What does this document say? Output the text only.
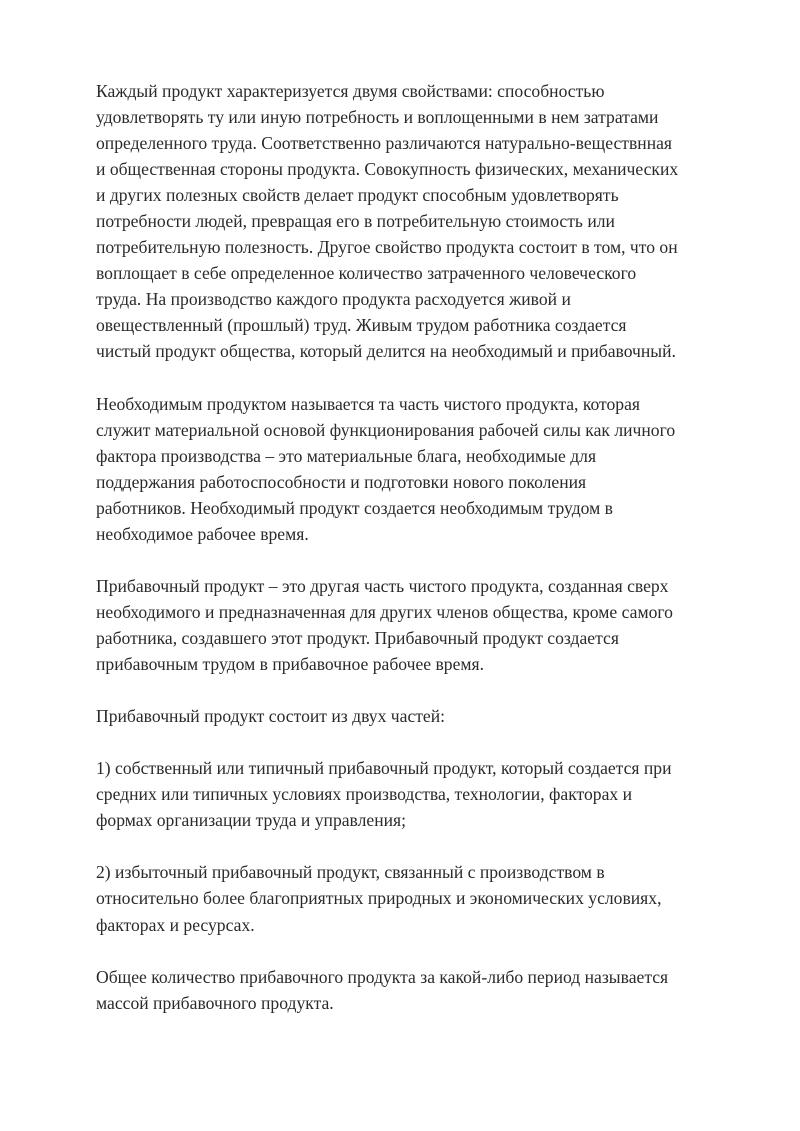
Каждый продукт характеризуется двумя свойствами: способностью
удовлетворять ту или иную потребность и воплощенными в нем затратами
определенного труда. Соответственно различаются натурально-веществнная
и общественная стороны продукта. Совокупность физических, механических
и других полезных свойств делает продукт способным удовлетворять
потребности людей, превращая его в потребительную стоимость или
потребительную полезность. Другое свойство продукта состоит в том, что он
воплощает в себе определенное количество затраченного человеческого
труда. На производство каждого продукта расходуется живой и
овеществленный (прошлый) труд. Живым трудом работника создается
чистый продукт общества, который делится на необходимый и прибавочный.

Необходимым продуктом называется та часть чистого продукта, которая
служит материальной основой функционирования рабочей силы как личного
фактора производства – это материальные блага, необходимые для
поддержания работоспособности и подготовки нового поколения
работников. Необходимый продукт создается необходимым трудом в
необходимое рабочее время.

Прибавочный продукт – это другая часть чистого продукта, созданная сверх
необходимого и предназначенная для других членов общества, кроме самого
работника, создавшего этот продукт. Прибавочный продукт создается
прибавочным трудом в прибавочное рабочее время.

Прибавочный продукт состоит из двух частей:

1) собственный или типичный прибавочный продукт, который создается при
средних или типичных условиях производства, технологии, факторах и
формах организации труда и управления;

2) избыточный прибавочный продукт, связанный с производством в
относительно более благоприятных природных и экономических условиях,
факторах и ресурсах.

Общее количество прибавочного продукта за какой-либо период называется
массой прибавочного продукта.
